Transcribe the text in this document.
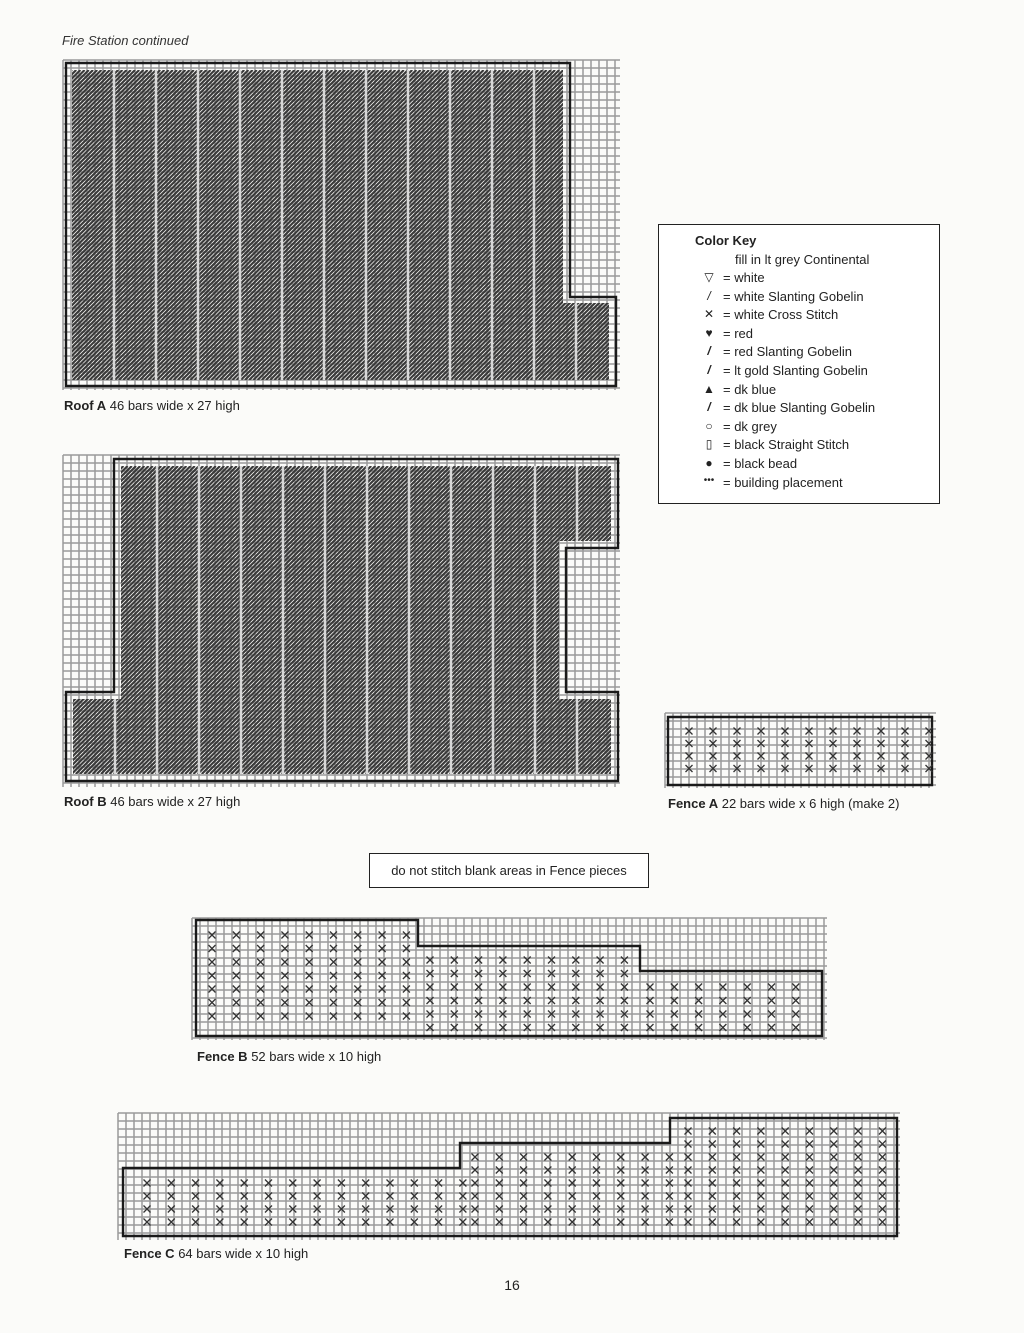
Fire Station continued
Roof A 46 bars wide x 27 high
Roof B 46 bars wide x 27 high	Fence A 22 bars wide x 6 high (make 2)
do not stitch blank areas in Fence pieces
Fence B 52 bars wide x 10 high
Fence C 64 bars wide x 10 high
Color Key
fill in lt grey Continental
▽ = white
/ = white Slanting Gobelin
✕ = white Cross Stitch
♥ = red
/ = red Slanting Gobelin
/ = lt gold Slanting Gobelin
▲ = dk blue
/ = dk blue Slanting Gobelin
○ = dk grey
▯ = black Straight Stitch
● = black bead
••• = building placement
16
